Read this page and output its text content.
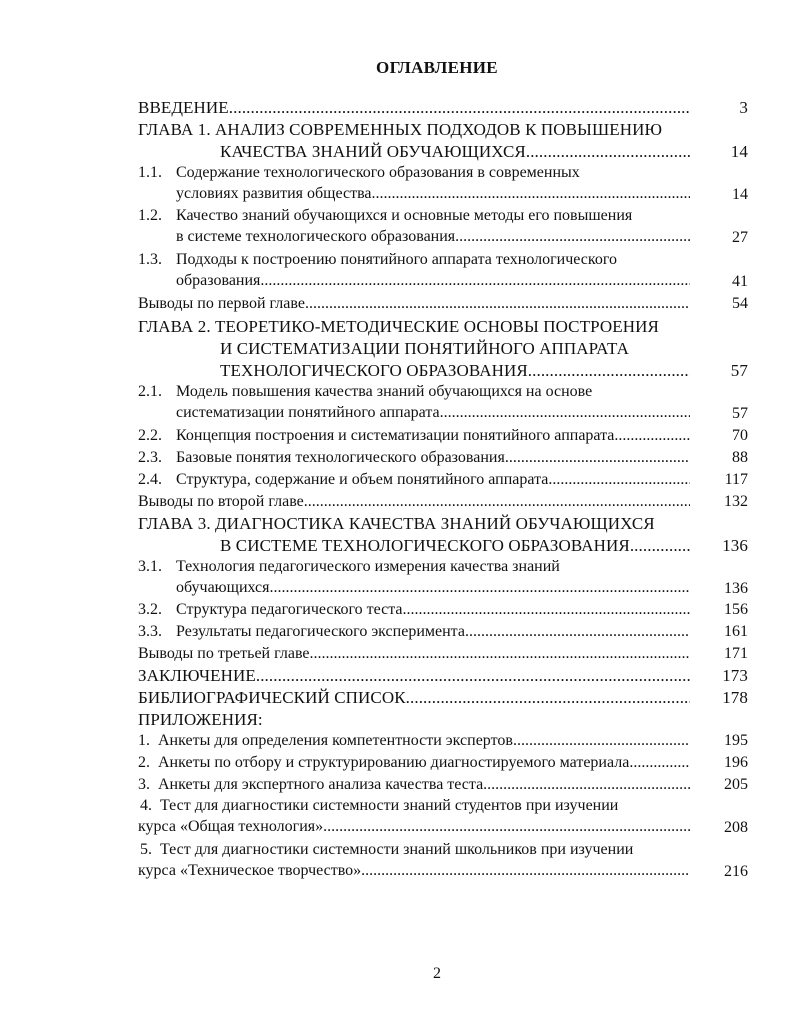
ОГЛАВЛЕНИЕ
ВВЕДЕНИЕ .....	3
ГЛАВА 1. АНАЛИЗ СОВРЕМЕННЫХ ПОДХОДОВ К ПОВЫШЕНИЮ
КАЧЕСТВА ЗНАНИЙ ОБУЧАЮЩИХСЯ .....	14
1.1. Содержание технологического образования в современных
условиях развития общества .....	14
1.2. Качество знаний обучающихся и основные методы его повышения
в системе технологического образования .....	27
1.3. Подходы к построению понятийного аппарата технологического
образования .....	41
Выводы по первой главе .....	54
ГЛАВА 2. ТЕОРЕТИКО-МЕТОДИЧЕСКИЕ ОСНОВЫ ПОСТРОЕНИЯ
И СИСТЕМАТИЗАЦИИ ПОНЯТИЙНОГО АППАРАТА
ТЕХНОЛОГИЧЕСКОГО ОБРАЗОВАНИЯ .....	57
2.1. Модель повышения качества знаний обучающихся на основе
систематизации понятийного аппарата .....	57
2.2. Концепция построения и систематизации понятийного аппарата .....	70
2.3. Базовые понятия технологического образования .....	88
2.4. Структура, содержание и объем понятийного аппарата .....	117
Выводы по второй главе .....	132
ГЛАВА 3. ДИАГНОСТИКА КАЧЕСТВА ЗНАНИЙ ОБУЧАЮЩИХСЯ
В СИСТЕМЕ ТЕХНОЛОГИЧЕСКОГО ОБРАЗОВАНИЯ .....	136
3.1. Технология педагогического измерения качества знаний
обучающихся .....	136
3.2. Структура педагогического теста .....	156
3.3. Результаты педагогического эксперимента .....	161
Выводы по третьей главе .....	171
ЗАКЛЮЧЕНИЕ .....	173
БИБЛИОГРАФИЧЕСКИЙ СПИСОК .....	178
ПРИЛОЖЕНИЯ:
1. Анкеты для определения компетентности экспертов .....	195
2. Анкеты по отбору и структурированию диагностируемого материала .....	196
3. Анкеты для экспертного анализа качества теста .....	205
4. Тест для диагностики системности знаний студентов при изучении
курса «Общая технология» .....	208
5. Тест для диагностики системности знаний школьников при изучении
курса «Техническое творчество» .....	216
2
